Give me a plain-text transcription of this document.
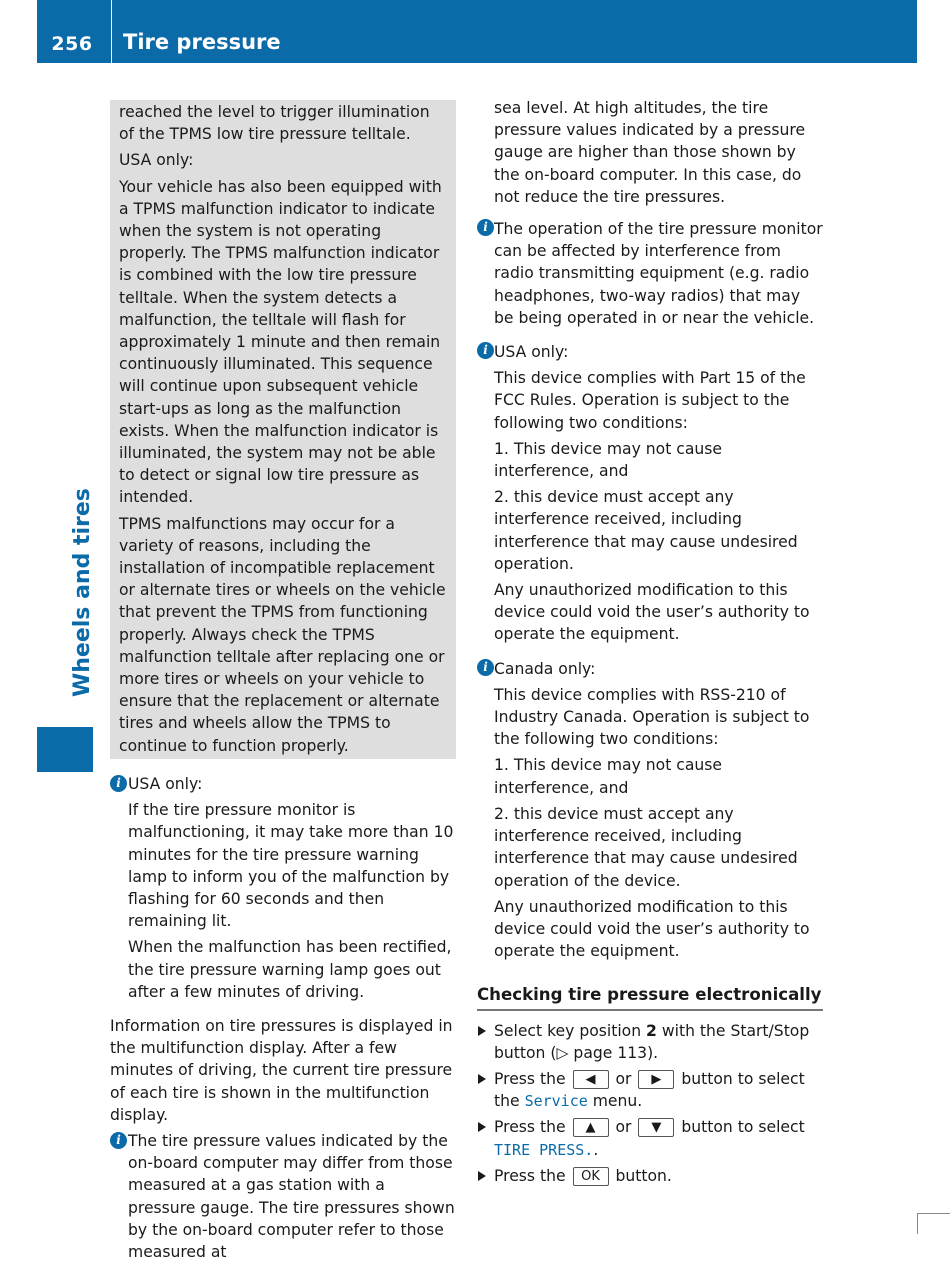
256	Tire pressure
Wheels and tires

reached the level to trigger illumination of the TPMS low tire pressure telltale.

USA only:

Your vehicle has also been equipped with a TPMS malfunction indicator to indicate when the system is not operating properly. The TPMS malfunction indicator is combined with the low tire pressure telltale. When the system detects a malfunction, the telltale will flash for approximately 1 minute and then remain continuously illuminated. This sequence will continue upon subsequent vehicle start-ups as long as the malfunction exists. When the malfunction indicator is illuminated, the system may not be able to detect or signal low tire pressure as intended.

TPMS malfunctions may occur for a variety of reasons, including the installation of incompatible replacement or alternate tires or wheels on the vehicle that prevent the TPMS from functioning properly. Always check the TPMS malfunction telltale after replacing one or more tires or wheels on your vehicle to ensure that the replacement or alternate tires and wheels allow the TPMS to continue to function properly.

i USA only:

If the tire pressure monitor is malfunctioning, it may take more than 10 minutes for the tire pressure warning lamp to inform you of the malfunction by flashing for 60 seconds and then remaining lit.

When the malfunction has been rectified, the tire pressure warning lamp goes out after a few minutes of driving.

Information on tire pressures is displayed in the multifunction display. After a few minutes of driving, the current tire pressure of each tire is shown in the multifunction display.

i The tire pressure values indicated by the on-board computer may differ from those measured at a gas station with a pressure gauge. The tire pressures shown by the on-board computer refer to those measured at

sea level. At high altitudes, the tire pressure values indicated by a pressure gauge are higher than those shown by the on-board computer. In this case, do not reduce the tire pressures.

i The operation of the tire pressure monitor can be affected by interference from radio transmitting equipment (e.g. radio headphones, two-way radios) that may be being operated in or near the vehicle.

i USA only:

This device complies with Part 15 of the FCC Rules. Operation is subject to the following two conditions:

1. This device may not cause interference, and

2. this device must accept any interference received, including interference that may cause undesired operation.

Any unauthorized modification to this device could void the user’s authority to operate the equipment.

i Canada only:

This device complies with RSS-210 of Industry Canada. Operation is subject to the following two conditions:

1. This device may not cause interference, and

2. this device must accept any interference received, including interference that may cause undesired operation of the device.

Any unauthorized modification to this device could void the user’s authority to operate the equipment.

Checking tire pressure electronically
Select key position 2 with the Start/Stop button (▷ page 113).
Press the ◀ or ▶ button to select the Service menu.
Press the ▲ or ▼ button to select TIRE PRESS..
Press the OK button.
